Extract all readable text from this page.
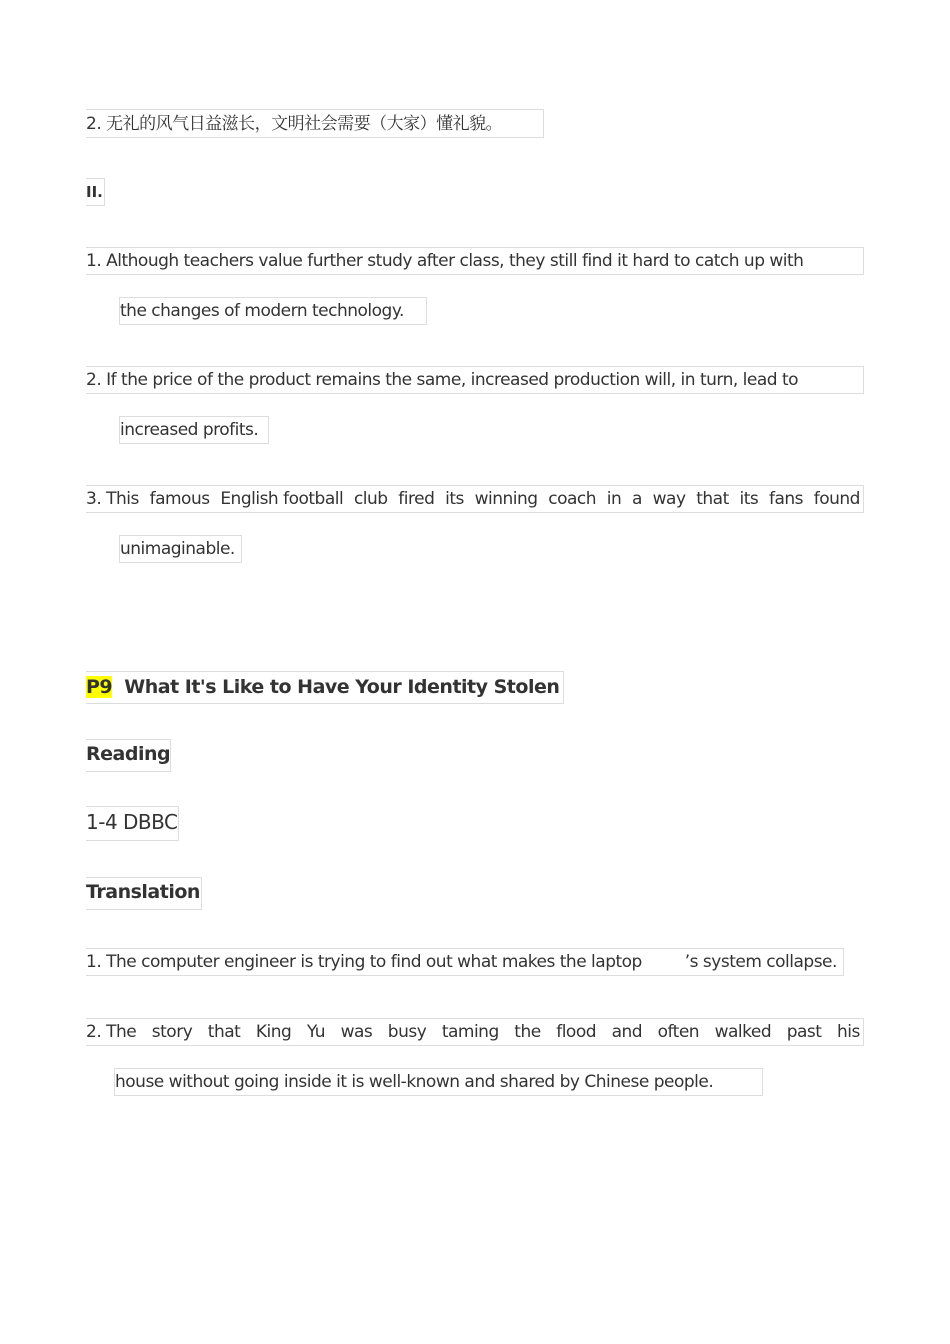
2. 无礼的风气日益滋长，文明社会需要（大家）懂礼貌。
II.
1. Although teachers value further study after class, they still find it hard to catch up with
the changes of modern technology.
2. If the price of the product remains the same, increased production will, in turn, lead to
increased profits.
3. This famous English football club fired its winning coach in a way that its fans found
unimaginable.
P9 What It's Like to Have Your Identity Stolen
Reading
1-4 DBBC
Translation
1. The computer engineer is trying to find out what makes the laptop	’s system collapse.
2. The story that King Yu was busy taming the flood and often walked past his
house without going inside it is well-known and shared by Chinese people.
